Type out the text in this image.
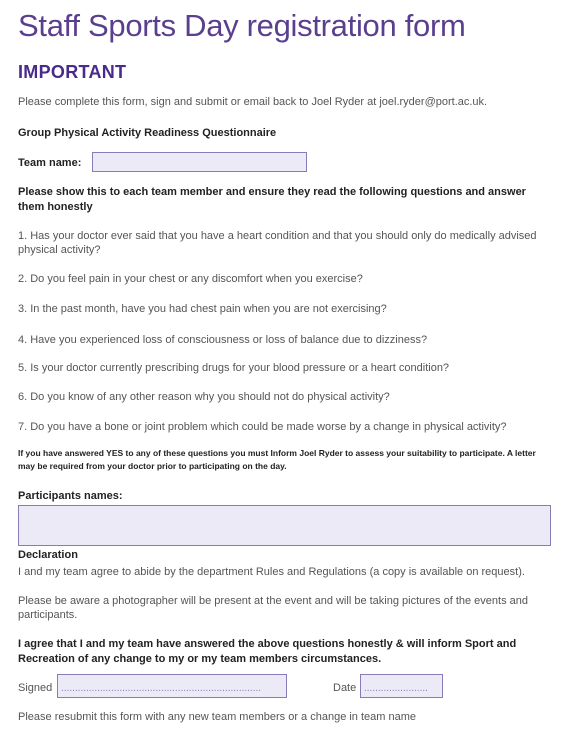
Staff Sports Day registration form
IMPORTANT
Please complete this form, sign and submit or email back to Joel Ryder at joel.ryder@port.ac.uk.
Group Physical Activity Readiness Questionnaire
Team name:
Please show this to each team member and ensure they read the following questions and answer them honestly
1. Has your doctor ever said that you have a heart condition and that you should only do medically advised physical activity?
2. Do you feel pain in your chest or any discomfort when you exercise?
3. In the past month, have you had chest pain when you are not exercising?
4. Have you experienced loss of consciousness or loss of balance due to dizziness?
5. Is your doctor currently prescribing drugs for your blood pressure or a heart condition?
6. Do you know of any other reason why you should not do physical activity?
7. Do you have a bone or joint problem which could be made worse by a change in physical activity?
If you have answered YES to any of these questions you must Inform Joel Ryder to assess your suitability to participate. A letter may be required from your doctor prior to participating on the day.
Participants names:
Declaration
I and my team agree to abide by the department Rules and Regulations (a copy is available on request).
Please be aware a photographer will be present at the event and will be taking pictures of the events and participants.
I agree that I and my team have answered the above questions honestly & will inform Sport and Recreation of any change to my or my team members circumstances.
Signed ........................................................................	Date .......................
Please resubmit this form with any new team members or a change in team name
